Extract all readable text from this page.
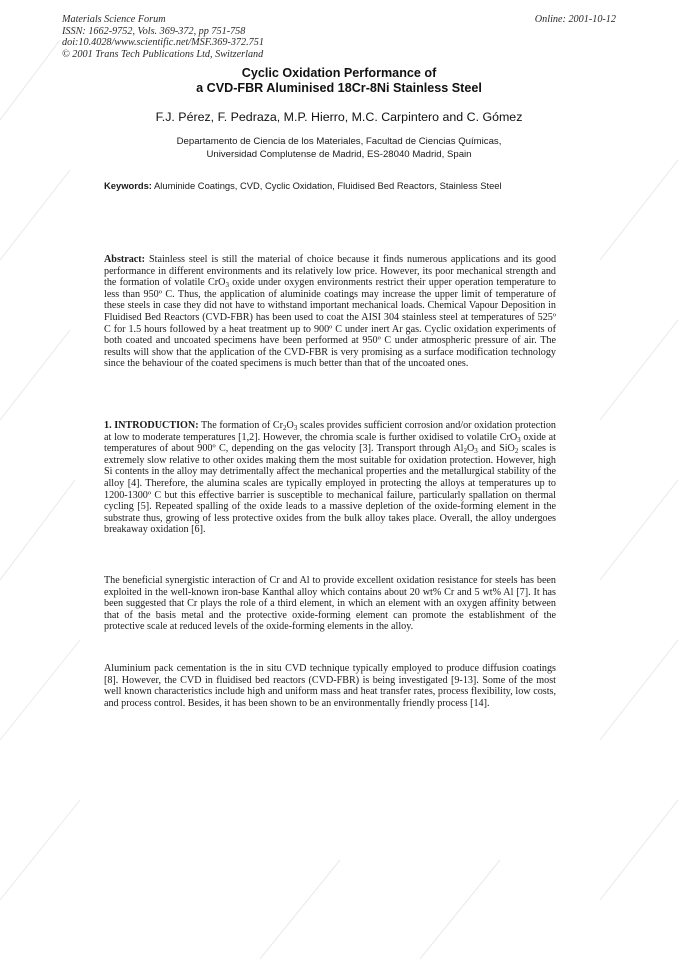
Materials Science Forum
ISSN: 1662-9752, Vols. 369-372, pp 751-758
doi:10.4028/www.scientific.net/MSF.369-372.751
© 2001 Trans Tech Publications Ltd, Switzerland
Online: 2001-10-12
Cyclic Oxidation Performance of
a CVD-FBR Aluminised 18Cr-8Ni Stainless Steel
F.J. Pérez, F. Pedraza, M.P. Hierro, M.C. Carpintero and C. Gómez
Departamento de Ciencia de los Materiales, Facultad de Ciencias Químicas,
Universidad Complutense de Madrid, ES-28040 Madrid, Spain
Keywords: Aluminide Coatings, CVD, Cyclic Oxidation, Fluidised Bed Reactors, Stainless Steel
Abstract: Stainless steel is still the material of choice because it finds numerous applications and its good performance in different environments and its relatively low price. However, its poor mechanical strength and the formation of volatile CrO$_3$ oxide under oxygen environments restrict their upper operation temperature to less than 950º C. Thus, the application of aluminide coatings may increase the upper limit of temperature of these steels in case they did not have to withstand important mechanical loads. Chemical Vapour Deposition in Fluidised Bed Reactors (CVD-FBR) has been used to coat the AISI 304 stainless steel at temperatures of 525º C for 1.5 hours followed by a heat treatment up to 900º C under inert Ar gas. Cyclic oxidation experiments of both coated and uncoated specimens have been performed at 950º C under atmospheric pressure of air. The results will show that the application of the CVD-FBR is very promising as a surface modification technology since the behaviour of the coated specimens is much better than that of the uncoated ones.
1. INTRODUCTION: The formation of $Cr_2O_3$ scales provides sufficient corrosion and/or oxidation protection at low to moderate temperatures [1,2]. However, the chromia scale is further oxidised to volatile CrO$_3$ oxide at temperatures of about 900º C, depending on the gas velocity [3]. Transport through $Al_2O_3$ and SiO$_2$ scales is extremely slow relative to other oxides making them the most suitable for oxidation protection. However, high Si contents in the alloy may detrimentally affect the mechanical properties and the metallurgical stability of the alloy [4]. Therefore, the alumina scales are typically employed in protecting the alloys at temperatures up to 1200-1300º C but this effective barrier is susceptible to mechanical failure, particularly spallation on thermal cycling [5]. Repeated spalling of the oxide leads to a massive depletion of the oxide-forming element in the substrate thus, growing of less protective oxides from the bulk alloy takes place. Overall, the alloy undergoes breakaway oxidation [6].
The beneficial synergistic interaction of Cr and Al to provide excellent oxidation resistance for steels has been exploited in the well-known iron-base Kanthal alloy which contains about 20 wt% Cr and 5 wt% Al [7]. It has been suggested that Cr plays the role of a third element, in which an element with an oxygen affinity between that of the basis metal and the protective oxide-forming element can promote the establishment of the protective scale at reduced levels of the oxide-forming elements in the alloy.
Aluminium pack cementation is the in situ CVD technique typically employed to produce diffusion coatings [8]. However, the CVD in fluidised bed reactors (CVD-FBR) is being investigated [9-13]. Some of the most well known characteristics include high and uniform mass and heat transfer rates, process flexibility, low costs, and process control. Besides, it has been shown to be an environmentally friendly process [14].
